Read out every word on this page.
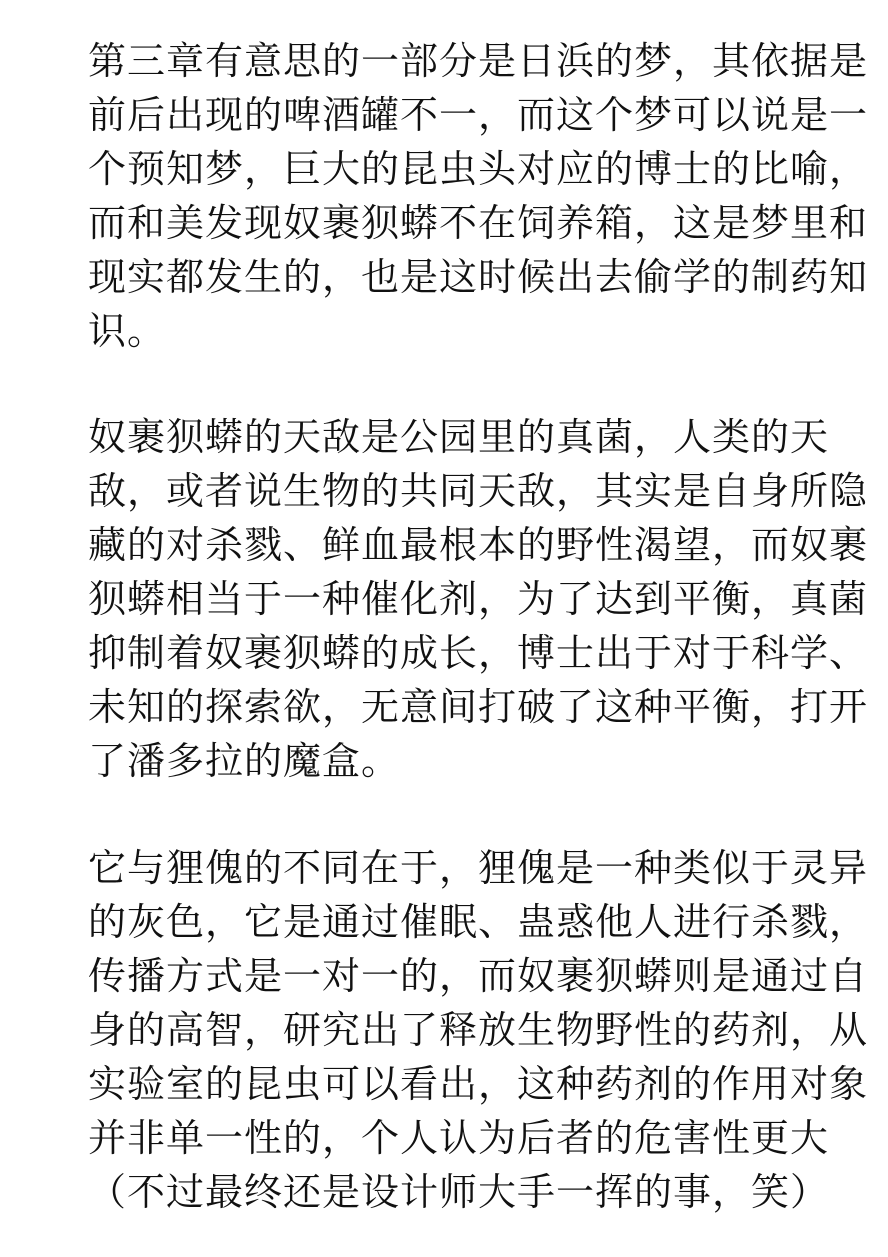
第三章有意思的一部分是日浜的梦，其依据是
前后出现的啤酒罐不一，而这个梦可以说是一
个预知梦，巨大的昆虫头对应的博士的比喻，
而和美发现奴裹狈蟒不在饲养箱，这是梦里和
现实都发生的，也是这时候出去偷学的制药知
识。
奴裹狈蟒的天敌是公园里的真菌，人类的天
敌，或者说生物的共同天敌，其实是自身所隐
藏的对杀戮、鲜血最根本的野性渴望，而奴裹
狈蟒相当于一种催化剂，为了达到平衡，真菌
抑制着奴裹狈蟒的成长，博士出于对于科学、
未知的探索欲，无意间打破了这种平衡，打开
了潘多拉的魔盒。
它与狸傀的不同在于，狸傀是一种类似于灵异
的灰色，它是通过催眠、蛊惑他人进行杀戮，
传播方式是一对一的，而奴裹狈蟒则是通过自
身的高智，研究出了释放生物野性的药剂，从
实验室的昆虫可以看出，这种药剂的作用对象
并非单一性的，个人认为后者的危害性更大
（不过最终还是设计师大手一挥的事，笑）
